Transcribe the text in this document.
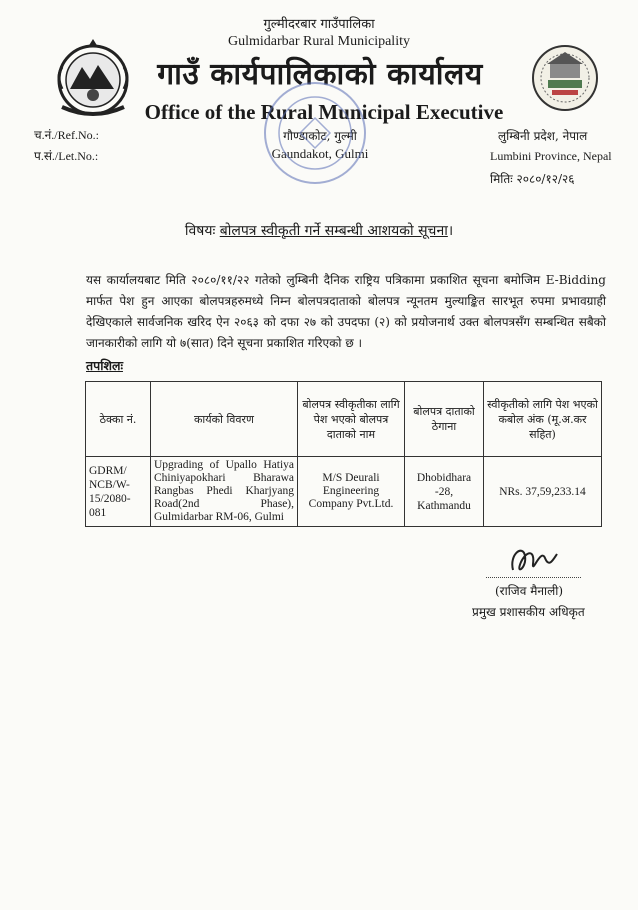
गुल्मीदरबार गाउँपालिका
Gulmidarbar Rural Municipality
गाउँ कार्यपालिकाको कार्यालय
Office of the Rural Municipal Executive
च.नं./Ref.No.:
प.सं./Let.No.:
गौण्डाकोट, गुल्मी
Gaundakot, Gulmi
लुम्बिनी प्रदेश, नेपाल
Lumbini Province, Nepal
मितिः २०८०/१२/२६
विषयः बोलपत्र स्वीकृती गर्ने सम्बन्धी आशयको सूचना।
यस कार्यालयबाट मिति २०८०/११/२२ गतेको लुम्बिनी दैनिक राष्ट्रिय पत्रिकामा प्रकाशित सूचना बमोजिम E-Bidding मार्फत पेश हुन आएका बोलपत्रहरुमध्ये निम्न बोलपत्रदाताको बोलपत्र न्यूनतम मुल्याङ्कित सारभूत रुपमा प्रभावग्राही देखिएकाले सार्वजनिक खरिद ऐन २०६३ को दफा २७ को उपदफा (२) को प्रयोजनार्थ उक्त बोलपत्रसँग सम्बन्धित सबैको जानकारीको लागि यो ७(सात) दिने सूचना प्रकाशित गरिएको छ ।
तपशिलः
ठेक्का नं.	कार्यको विवरण	बोलपत्र स्वीकृतीका लागि पेश भएको बोलपत्र दाताको नाम	बोलपत्र दाताको ठेगाना	स्वीकृतीको लागि पेश भएको कबोल अंक (मू.अ.कर सहित)
GDRM/ NCB/W- 15/2080- 081	Upgrading of Upallo Hatiya Chiniyapokhari Bharawa Rangbas Phedi Kharjyang Road(2nd Phase), Gulmidarbar RM-06, Gulmi	M/S Deurali Engineering Company Pvt.Ltd.	Dhobidhara -28, Kathmandu	NRs. 37,59,233.14
(राजिव मैनाली)
प्रमुख प्रशासकीय अधिकृत
